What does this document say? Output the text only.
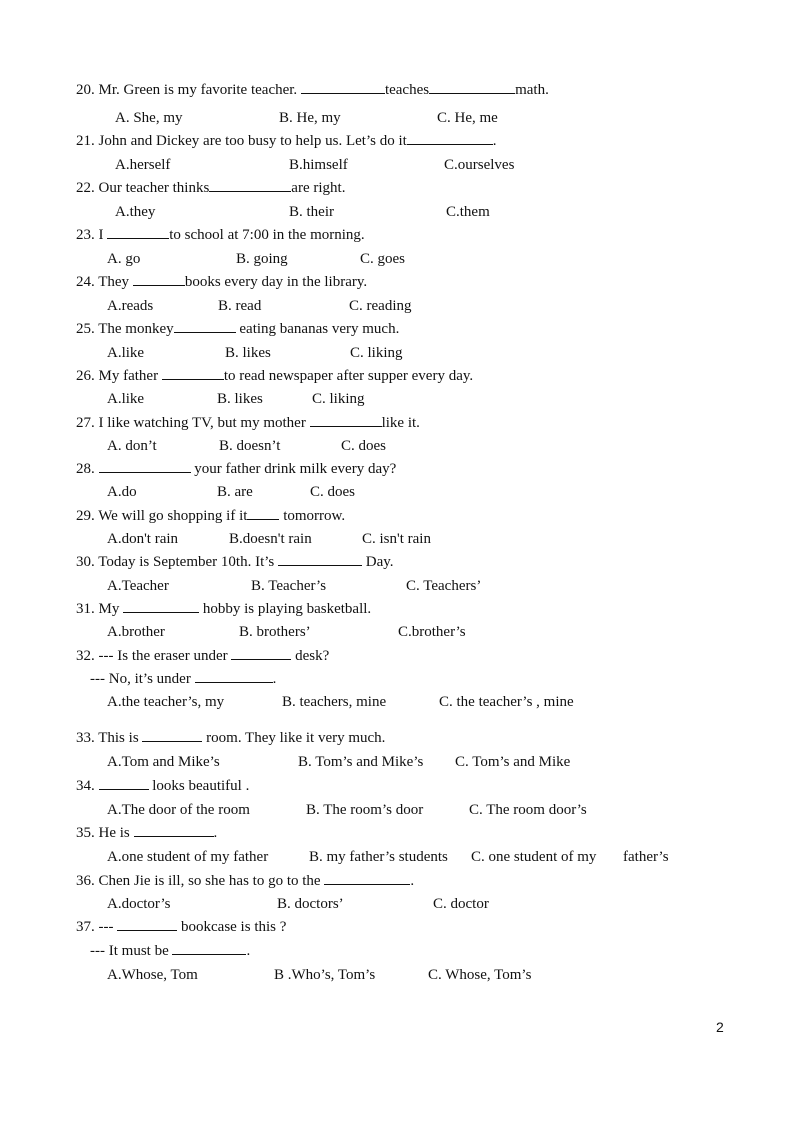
20. Mr. Green is my favorite teacher.	teaches	math.
A. She, my	B. He, my	C. He, me
21. John and Dickey are too busy to help us. Let’s do it	.
A.herself	B.himself	C.ourselves
22. Our teacher thinks	are right.
A.they	B. their	C.them
23. I	to school at 7:00 in the morning.
A. go	B. going	C. goes
24. They	books every day in the library.
A.reads	B. read	C. reading
25. The monkey	eating bananas very much.
A.like	B. likes	C. liking
26. My father	to read newspaper after supper every day.
A.like	B. likes	C. liking
27. I like watching TV, but my mother	like it.
A. don’t	B. doesn’t	C. does
28.	your father drink milk every day?
A.do	B. are	C. does
29. We will go shopping if it tomorrow.
A.don't rain	B.doesn't rain	C. isn't rain
30. Today is September 10th. It’s	Day.
A.Teacher	B. Teacher’s	C. Teachers’
31. My	hobby is playing basketball.
A.brother	B. brothers’	C.brother’s
32. --- Is the eraser under	desk?
--- No, it’s under	.
A.the teacher’s, my	B. teachers, mine	C. the teacher’s , mine
33. This is	room. They like it very much.
A.Tom and Mike’s	B. Tom’s and Mike’s C. Tom’s and Mike
34.	looks beautiful .
A.The door of the room	B. The room’s door	C. The room door’s
35. He is	.
A.one student of my father	B. my father’s students C. one student of my father’s
36. Chen Jie is ill, so she has to go to the	.
A.doctor’s	B. doctors’	C. doctor
37. ---	bookcase is this ?
--- It must be	.
A.Whose, Tom	B .Who’s, Tom’s	C. Whose, Tom’s
2
